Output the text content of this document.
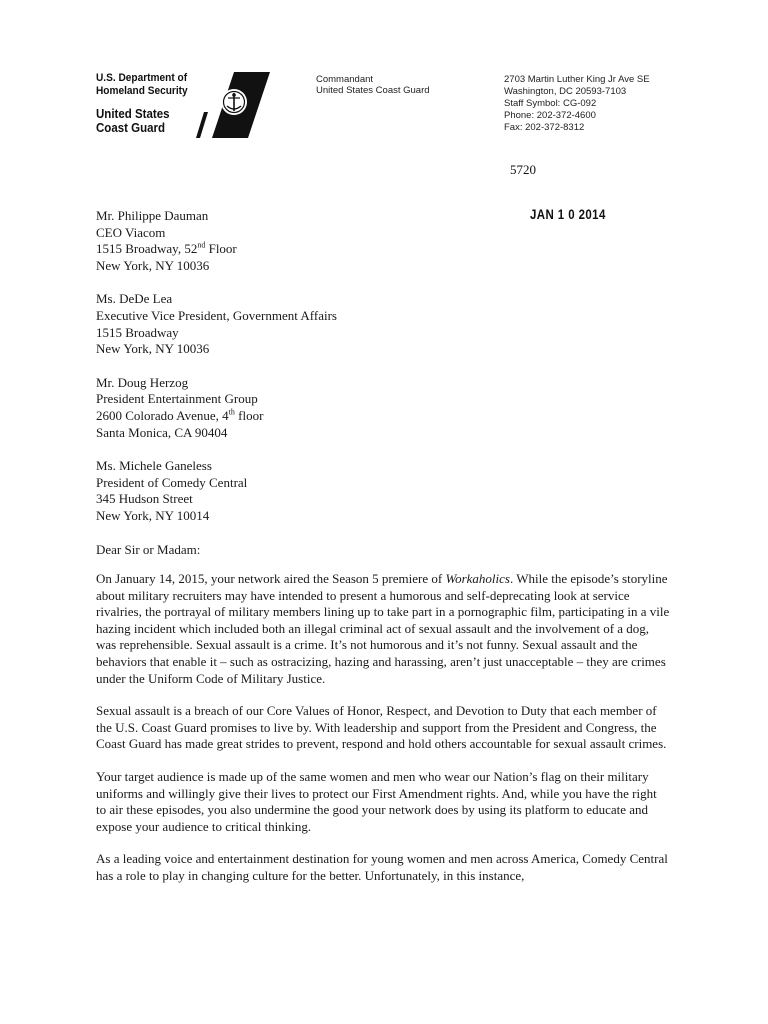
U.S. Department of
Homeland Security
United States
Coast Guard
Commandant
United States Coast Guard
2703 Martin Luther King Jr Ave SE
Washington, DC 20593-7103
Staff Symbol: CG-092
Phone: 202-372-4600
Fax: 202-372-8312
5720
JAN 1 0 2014
Mr. Philippe Dauman
CEO Viacom
1515 Broadway, 52nd Floor
New York, NY 10036
Ms. DeDe Lea
Executive Vice President, Government Affairs
1515 Broadway
New York, NY 10036
Mr. Doug Herzog
President Entertainment Group
2600 Colorado Avenue, 4th floor
Santa Monica, CA 90404
Ms. Michele Ganeless
President of Comedy Central
345 Hudson Street
New York, NY 10014
Dear Sir or Madam:

On January 14, 2015, your network aired the Season 5 premiere of Workaholics. While the episode’s storyline about military recruiters may have intended to present a humorous and self-deprecating look at service rivalries, the portrayal of military members lining up to take part in a pornographic film, participating in a vile hazing incident which included both an illegal criminal act of sexual assault and the involvement of a dog, was reprehensible. Sexual assault is a crime. It’s not humorous and it’s not funny. Sexual assault and the behaviors that enable it – such as ostracizing, hazing and harassing, aren’t just unacceptable – they are crimes under the Uniform Code of Military Justice.

Sexual assault is a breach of our Core Values of Honor, Respect, and Devotion to Duty that each member of the U.S. Coast Guard promises to live by. With leadership and support from the President and Congress, the Coast Guard has made great strides to prevent, respond and hold others accountable for sexual assault crimes.

Your target audience is made up of the same women and men who wear our Nation’s flag on their military uniforms and willingly give their lives to protect our First Amendment rights. And, while you have the right to air these episodes, you also undermine the good your network does by using its platform to educate and expose your audience to critical thinking.

As a leading voice and entertainment destination for young women and men across America, Comedy Central has a role to play in changing culture for the better. Unfortunately, in this instance,
